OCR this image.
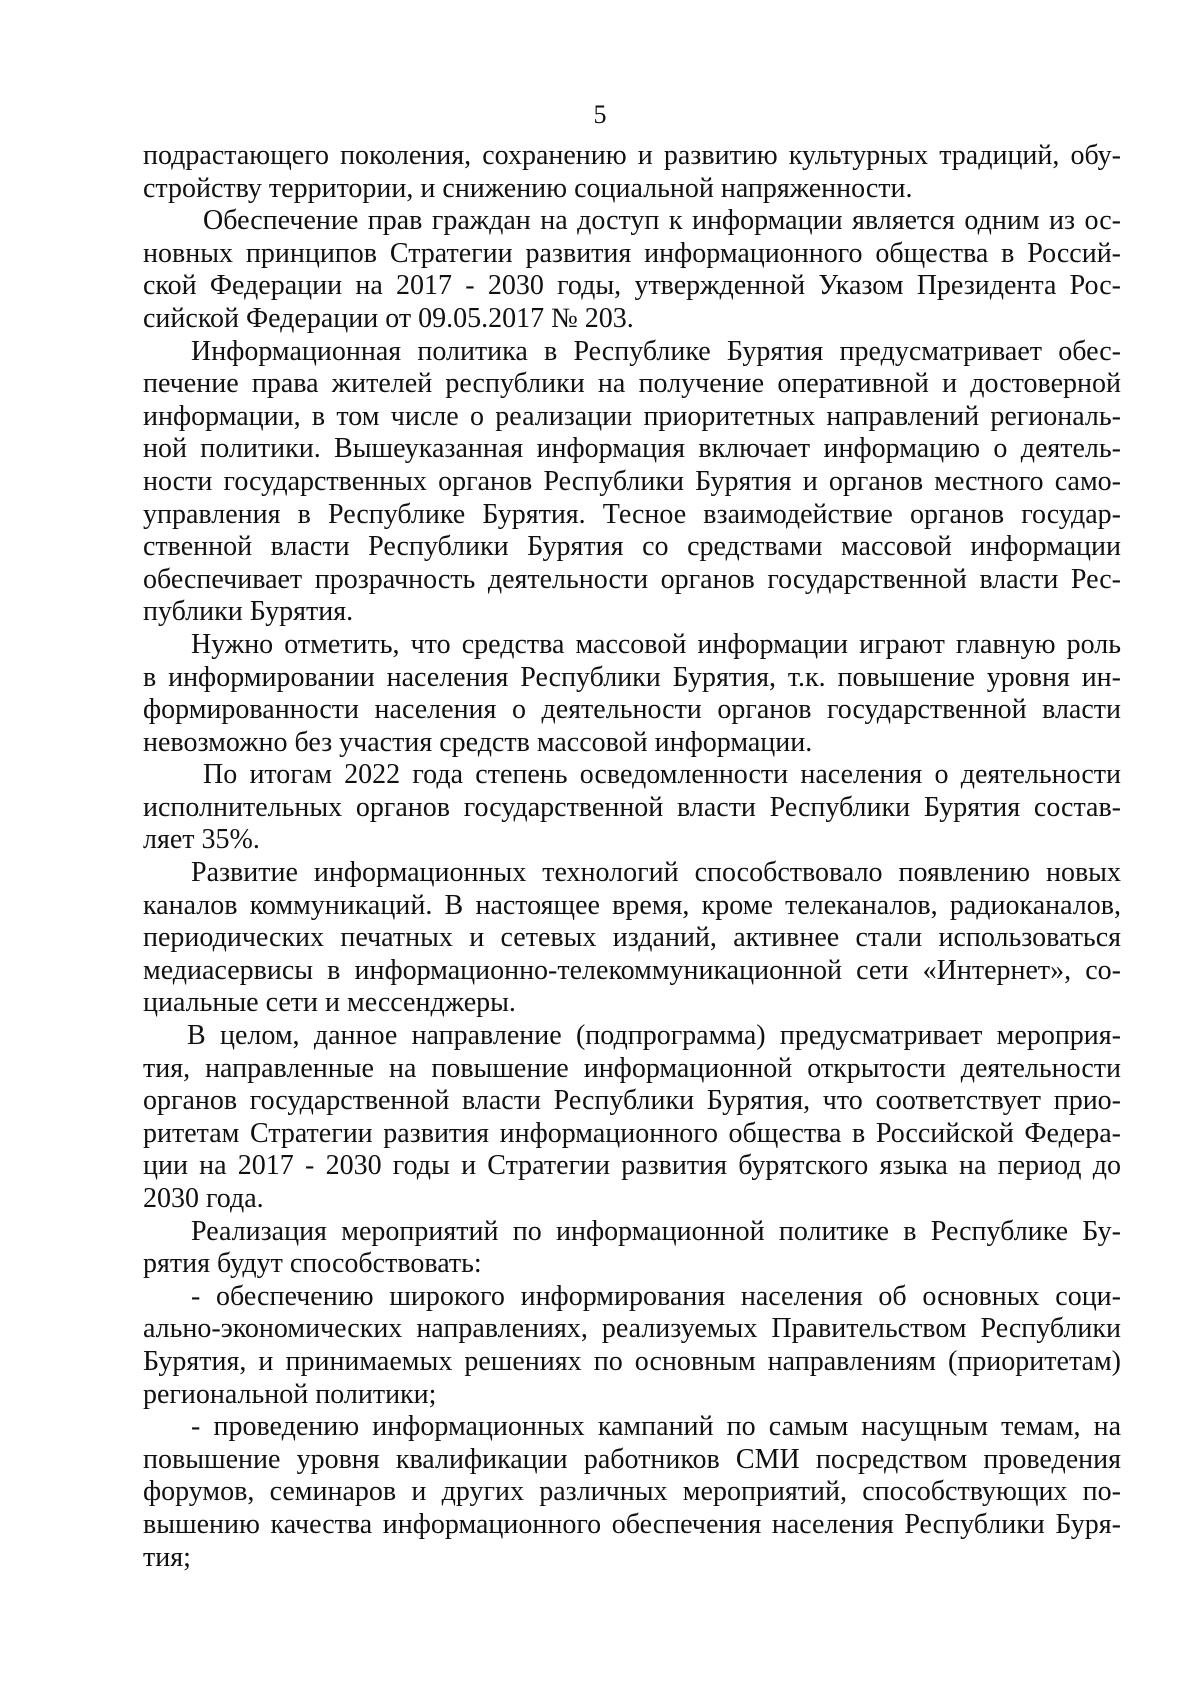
5
подрастающего поколения, сохранению и развитию культурных традиций, обу-
стройству территории, и снижению социальной напряженности.
Обеспечение прав граждан на доступ к информации является одним из ос-
новных принципов Стратегии развития информационного общества в Россий-
ской Федерации на 2017 - 2030 годы, утвержденной Указом Президента Рос-
сийской Федерации от 09.05.2017 № 203.
Информационная политика в Республике Бурятия предусматривает обес-
печение права жителей республики на получение оперативной и достоверной
информации, в том числе о реализации приоритетных направлений региональ-
ной политики. Вышеуказанная информация включает информацию о деятель-
ности государственных органов Республики Бурятия и органов местного само-
управления в Республике Бурятия. Тесное взаимодействие органов государ-
ственной власти Республики Бурятия со средствами массовой информации
обеспечивает прозрачность деятельности органов государственной власти Рес-
публики Бурятия.
Нужно отметить, что средства массовой информации играют главную роль
в информировании населения Республики Бурятия, т.к. повышение уровня ин-
формированности населения о деятельности органов государственной власти
невозможно без участия средств массовой информации.
По итогам 2022 года степень осведомленности населения о деятельности
исполнительных органов государственной власти Республики Бурятия состав-
ляет 35%.
Развитие информационных технологий способствовало появлению новых
каналов коммуникаций. В настоящее время, кроме телеканалов, радиоканалов,
периодических печатных и сетевых изданий, активнее стали использоваться
медиасервисы в информационно-телекоммуникационной сети «Интернет», со-
циальные сети и мессенджеры.
В целом, данное направление (подпрограмма) предусматривает мероприя-
тия, направленные на повышение информационной открытости деятельности
органов государственной власти Республики Бурятия, что соответствует прио-
ритетам Стратегии развития информационного общества в Российской Федера-
ции на 2017 - 2030 годы и Стратегии развития бурятского языка на период до
2030 года.
Реализация мероприятий по информационной политике в Республике Бу-
рятия будут способствовать:
- обеспечению широкого информирования населения об основных соци-
ально-экономических направлениях, реализуемых Правительством Республики
Бурятия, и принимаемых решениях по основным направлениям (приоритетам)
региональной политики;
- проведению информационных кампаний по самым насущным темам, на
повышение уровня квалификации работников СМИ посредством проведения
форумов, семинаров и других различных мероприятий, способствующих по-
вышению качества информационного обеспечения населения Республики Буря-
тия;
